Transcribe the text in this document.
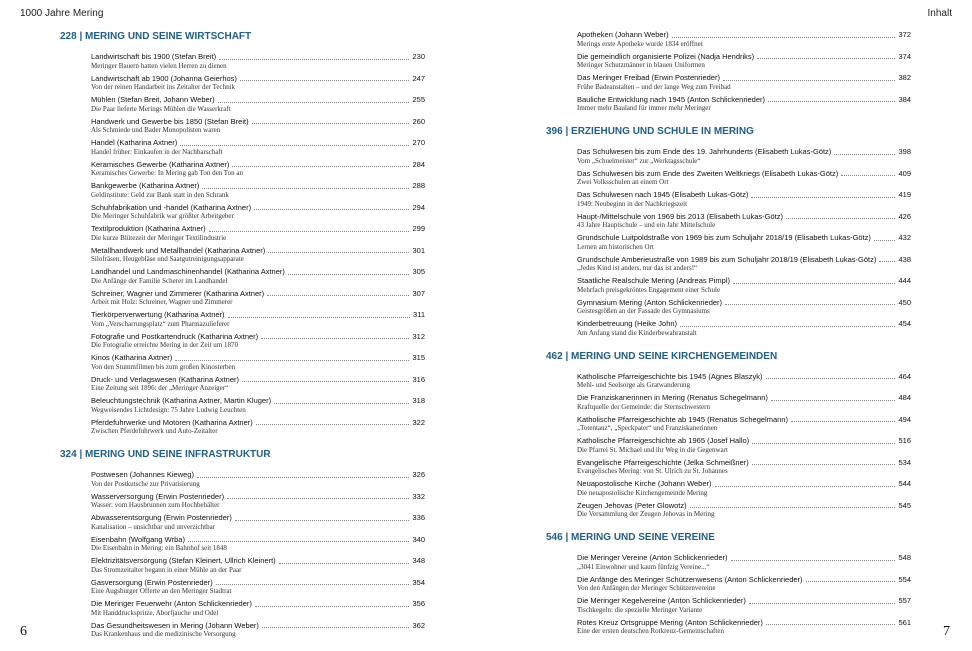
1000 Jahre Mering	Inhalt
228 | MERING UND SEINE WIRTSCHAFT
Landwirtschaft bis 1900 (Stefan Breit)	230
Meringer Bauern hatten vielen Herren zu dienen
Landwirtschaft ab 1900 (Johanna Geierhos)	247
Von der reinen Handarbeit ins Zeitalter der Technik
Mühlen (Stefan Breit, Johann Weber)	255
Die Paar lieferte Merings Mühlen die Wasserkraft
Handwerk und Gewerbe bis 1850 (Stefan Breit)	260
Als Schmiede und Bader Monopolisten waren
Handel (Katharina Axtner)	270
Handel früher: Einkaufen in der Nachbarschaft
Keramisches Gewerbe (Katharina Axtner)	284
Keramisches Gewerbe: In Mering gab Ton den Ton an
Bankgewerbe (Katharina Axtner)	288
Geldinstitute: Geld zur Bank statt in den Schrank
Schuhfabrikation und -handel (Katharina Axtner)	294
Die Meringer Schuhfabrik war größter Arbeitgeber
Textilproduktion (Katharina Axtner)	299
Die kurze Blütezeit der Meringer Textilindustrie
Metallhandwerk und Metallhandel (Katharina Axtner)	301
Silofräsen, Heugebläse und Saatgutreinigungsapparate
Landhandel und Landmaschinenhandel (Katharina Axtner)	305
Die Anfänge der Familie Scherer im Landhandel
Schreiner, Wagner und Zimmerer (Katharina Axtner)	307
Arbeit mit Holz: Schreiner, Wagner und Zimmerer
Tierkörperverwertung (Katharina Axtner)	311
Vom „Verscharrungsplatz“ zum Pharmazulieferer
Fotografie und Postkartendruck (Katharina Axtner)	312
Die Fotografie erreichte Mering in der Zeit um 1870
Kinos (Katharina Axtner)	315
Von den Stummfilmen bis zum großen Kinosterben
Druck- und Verlagswesen (Katharina Axtner)	316
Eine Zeitung seit 1896: der „Meringer Anzeiger“
Beleuchtungstechnik (Katharina Axtner, Martin Kluger)	318
Wegweisendes Lichtdesign: 75 Jahre Ludwig Leuchten
Pferdefuhrwerke und Motoren (Katharina Axtner)	322
Zwischen Pferdefuhrwerk und Auto-Zeitalter
324 | MERING UND SEINE INFRASTRUKTUR
Postwesen (Johannes Kieweg)	326
Von der Postkutsche zur Privatisierung
Wasserversorgung (Erwin Postenrieder)	332
Wasser: vom Hausbrunnen zum Hochbehälter
Abwasserentsorgung (Erwin Postenrieder)	336
Kanalisation – unsichtbar und unverzichtbar
Eisenbahn (Wolfgang Wrba)	340
Die Eisenbahn in Mering: ein Bahnhof seit 1848
Elektrizitätsversorgung (Stefan Kleinert, Ullrich Kleinert)	348
Das Stromzeitalter begann in einer Mühle an der Paar
Gasversorgung (Erwin Postenrieder)	354
Eine Augsburger Offerte an den Meringer Stadtrat
Die Meringer Feuerwehr (Anton Schlickenrieder)	356
Mit Handdruckspritze, Aborfjauche und Odel
Das Gesundheitswesen in Mering (Johann Weber)	362
Das Krankenhaus und die medizinische Versorgung
Apotheken (Johann Weber)	372
Merings erste Apotheke wurde 1834 eröffnet
Die gemeindlich organisierte Polizei (Nadja Hendriks)	374
Meringer Schutzmänner in blauen Uniformen
Das Meringer Freibad (Erwin Postenrieder)	382
Frühe Badeanstalten – und der lange Weg zum Freibad
Bauliche Entwicklung nach 1945 (Anton Schlickenrieder)	384
Immer mehr Bauland für immer mehr Meringer
396 | ERZIEHUNG UND SCHULE IN MERING
Das Schulwesen bis zum Ende des 19. Jahrhunderts (Elisabeth Lukas-Götz)	398
Vom „Schuelmeister“ zur „Werktagsschule“
Das Schulwesen bis zum Ende des Zweiten Weltkriegs (Elisabeth Lukas-Götz)	409
Zwei Volksschulen an einem Ort
Das Schulwesen nach 1945 (Elisabeth Lukas-Götz)	419
1949: Neubeginn in der Nachkriegszeit
Haupt-/Mittelschule von 1969 bis 2013 (Elisabeth Lukas-Götz)	426
43 Jahre Hauptschule – und ein Jahr Mittelschule
Grundschule Luitpoldstraße von 1969 bis zum Schuljahr 2018/19 (Elisabeth Lukas-Götz)	432
Lernen am historischen Ort
Grundschule Amberieustraße von 1989 bis zum Schuljahr 2018/19 (Elisabeth Lukas-Götz)	438
„Jedes Kind ist anders, nur das ist anders!“
Staatliche Realschule Mering (Andreas Pimpl)	444
Mehrfach preisgekröntes Engagement einer Schule
Gymnasium Mering (Anton Schlickenrieder)	450
Geistesgrößen an der Fassade des Gymnasiums
Kinderbetreuung (Heike John)	454
Am Anfang stand die Kinderbewahranstalt
462 | MERING UND SEINE KIRCHENGEMEINDEN
Katholische Pfarreigeschichte bis 1945 (Agnes Blaszyk)	464
Mehl- und Seelsorge als Gratwanderung
Die Franziskanerinnen in Mering (Renatus Schegelmann)	484
Kraftquelle der Gemeinde: die Sternschwestern
Katholische Pfarreigeschichte ab 1945 (Renatus Schegelmann)	494
„Totentanz“, „Speckpater“ und Franziskanerinnen
Katholische Pfarreigeschichte ab 1965 (Josef Hallo)	516
Die Pfarrei St. Michael und ihr Weg in die Gegenwart
Evangelische Pfarreigeschichte (Jelka Schmeißner)	534
Evangelisches Mering: von St. Ulrich zu St. Johannes
Neuapostolische Kirche (Johann Weber)	544
Die neuapostolische Kirchengemeinde Mering
Zeugen Jehovas (Peter Glowotz)	545
Die Versammlung der Zeugen Jehovas in Mering
546 | MERING UND SEINE VEREINE
Die Meringer Vereine (Anton Schlickenrieder)	548
„3041 Einwohner und kaum fünfzig Vereine...“
Die Anfänge des Meringer Schützenwesens (Anton Schlickenrieder)	554
Von den Anfängen der Meringer Schützenvereine
Die Meringer Kegelvereine (Anton Schlickenrieder)	557
Tischkegeln: die spezielle Meringer Variante
Rotes Kreuz Ortsgruppe Mering (Anton Schlickenrieder)	561
Eine der ersten deutschen Rotkreuz-Gemeinschaften
6	7
